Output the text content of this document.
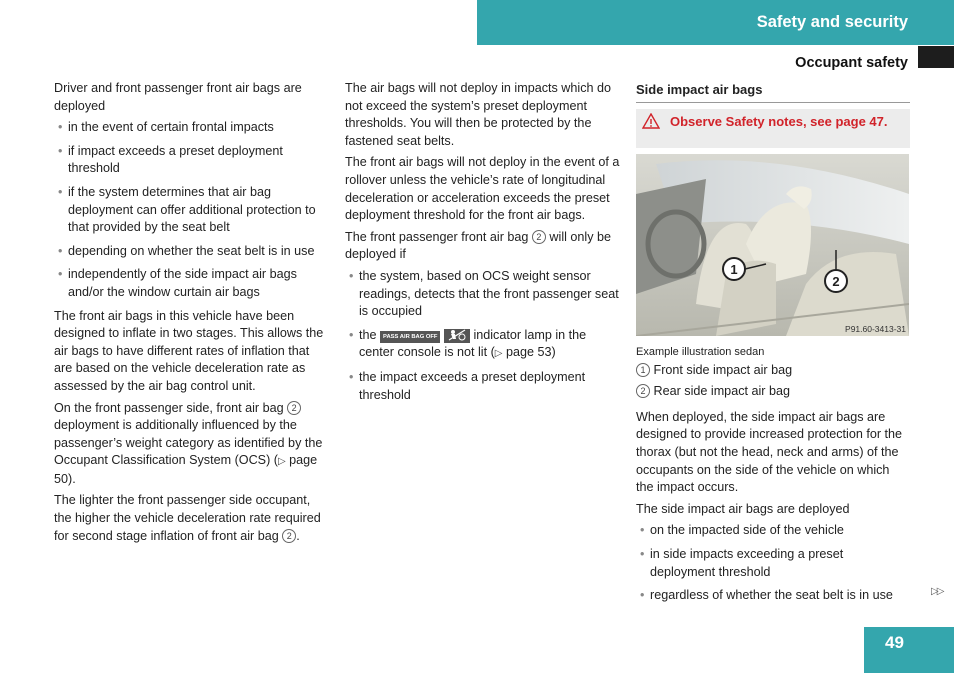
Safety and security
Occupant safety

Driver and front passenger front air bags are deployed

• in the event of certain frontal impacts
• if impact exceeds a preset deployment threshold
• if the system determines that air bag deployment can offer additional protection to that provided by the seat belt
• depending on whether the seat belt is in use
• independently of the side impact air bags and/or the window curtain air bags

The front air bags in this vehicle have been designed to inflate in two stages. This allows the air bags to have different rates of inflation that are based on the vehicle deceleration rate as assessed by the air bag control unit.

On the front passenger side, front air bag 2 deployment is additionally influenced by the passenger’s weight category as identified by the Occupant Classification System (OCS) (▷ page 50).

The lighter the front passenger side occupant, the higher the vehicle deceleration rate required for second stage inflation of front air bag 2 .

The air bags will not deploy in impacts which do not exceed the system’s preset deployment thresholds. You will then be protected by the fastened seat belts.

The front air bags will not deploy in the event of a rollover unless the vehicle’s rate of longitudinal deceleration or acceleration exceeds the preset deployment threshold for the front air bags.

The front passenger front air bag 2 will only be deployed if

• the system, based on OCS weight sensor readings, detects that the front passenger seat is occupied
• the PASS AIR BAG OFF	indicator lamp in the center console is not lit (▷ page 53)
• the impact exceeds a preset deployment threshold
Side impact air bags
Observe Safety notes, see page 47.
1
2
P91.60-3413-31
Example illustration sedan

1 Front side impact air bag

2 Rear side impact air bag

When deployed, the side impact air bags are designed to provide increased protection for the thorax (but not the head, neck and arms) of the occupants on the side of the vehicle on which the impact occurs.

The side impact air bags are deployed

• on the impacted side of the vehicle
• in side impacts exceeding a preset deployment threshold
• regardless of whether the seat belt is in use	▷▷
49
